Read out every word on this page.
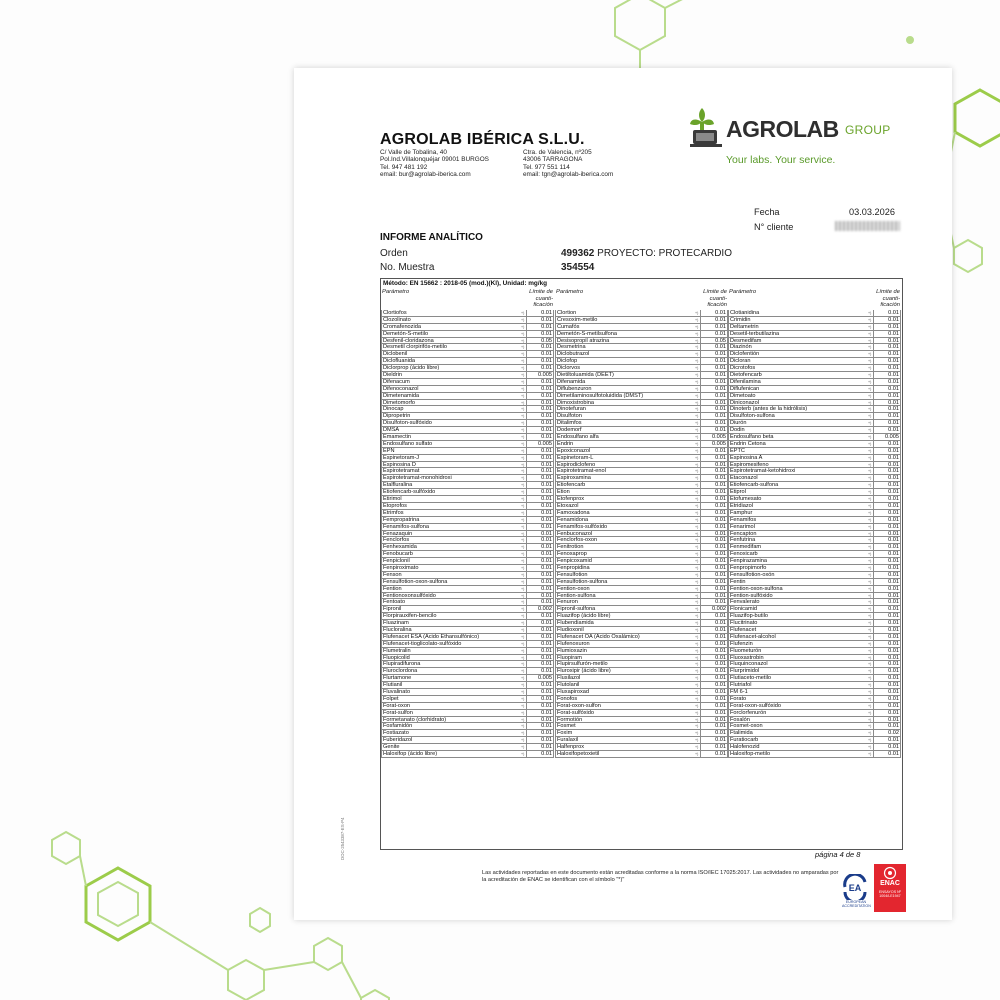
AGROLAB IBÉRICA S.L.U.
C/ Valle de Tobalina, 40
Pol.Ind.Villalonquéjar 09001 BURGOS
Tel. 947 481 192
email: bur@agrolab-iberica.com
Ctra. de Valencia, nº205
43006 TARRAGONA
Tel. 977 551 114
email: tgn@agrolab-iberica.com
AGROLAB GROUP
Your labs. Your service.
Fecha	03.03.2026
N° cliente
INFORME ANALÍTICO
Orden	499362 PROYECTO: PROTECARDIO
No. Muestra	354554
Método: EN 15662 : 2018-05 (mod.)(Kl), Unidad: mg/kg
Parámetro	Límite de
cuanti-
ficación
Clortiofos	+)	0.01
Clozolinato	+)	0.01
Cromafenozida	+)	0.01
Demetón-S-metilo	+)	0.01
Desfenil-cloridazona	+)	0.05
Desmetil clorpirifós-metilo	+)	0.01
Diclobenil	+)	0.01
Diclofluanida	+)	0.01
Diclorprop (ácido libre)	+)	0.01
Dieldrin	+) 0.005
Difenacum	+)	0.01
Difenoconazol	+)	0.01
Dimetenamida	+)	0.01
Dimetomorfo	+)	0.01
Dinocap	+)	0.01
Dipropetrin	+)	0.01
Disulfoton-sulfóxido	+)	0.01
DMSA	+)	0.01
Emamectin	+)	0.01
Endosulfano sulfato	+) 0.005
EPN	+)	0.01
Espinetoram-J	+)	0.01
Espinosina D	+)	0.01
Espirotetramat	+)	0.01
Espirotetramat-monohidroxi	+)	0.01
Etalfluralina	+)	0.01
Etiofencarb-sulfóxido	+)	0.01
Etirimol	+)	0.01
Etoprofos	+)	0.01
Etrimfos	+)	0.01
Fempropatrina	+)	0.01
Fenamifos-sulfona	+)	0.01
Fenazaquin	+)	0.01
Fenclorfos	+)	0.01
Fenhexamida	+)	0.01
Fenobucarb	+)	0.01
Fenpiclonil	+)	0.01
Fenpiroximato	+)	0.01
Fenson	+)	0.01
Fensulfotion-oxon-sulfona	+)	0.01
Fention	+)	0.01
Fentionoxonsulfóxido	+)	0.01
Fentoato	+)	0.01
Fipronil	+) 0.002
Florpirauxifen-bencilo	+)	0.01
Fluazinam	+)	0.01
Flucloralina	+)	0.01
Flufenacet ESA (Acido Ethansulfónico)	+)	0.01
Flufenacet-tioglicolato-sulfóxido	+)	0.01
Flumetralin	+)	0.01
Fluopicolid	+)	0.01
Flupiradifurona	+)	0.01
Fluroclordona	+)	0.01
Flurtamone	+) 0.005
Flutianil	+)	0.01
Fluvalinato	+)	0.01
Folpet	+)	0.01
Forat-oxon	+)	0.01
Forat-sulfon	+)	0.01
Formetanato (clorhidrato)	+)	0.01
Fosfamidón	+)	0.01
Fostiazato	+)	0.01
Fuberidazol	+)	0.01
Genite	+)	0.01
Haloxifop (ácido libre)	+)	0.01
Parámetro	Límite de
cuanti-
ficación
Clortion	+)	0.01
Cresoxim-metilo	+)	0.01
Cumafós	+)	0.01
Demetón-S-metilsulfona	+)	0.01
Desisopropil atrazina	+)	0.05
Desmetrina	+)	0.01
Diclobutrazol	+)	0.01
Diclofop	+)	0.01
Diclorvos	+)	0.01
Dietiltoluamida (DEET)	+)	0.01
Difenamida	+)	0.01
Diflubenzuron	+)	0.01
Dimetilaminosulfotoluidida (DMST)	+)	0.01
Dimoxistrobina	+)	0.01
Dinotefuran	+)	0.01
Disulfoton	+)	0.01
Ditalimfos	+)	0.01
Dodemorf	+)	0.01
Endosulfano alfa	+) 0.005
Endrin	+) 0.005
Epoxiconazol	+)	0.01
Espinetoram-L	+)	0.01
Espirodiclofeno	+)	0.01
Espirotetramat-enol	+)	0.01
Espiroxamina	+)	0.01
Etiofencarb	+)	0.01
Etion	+)	0.01
Etofenprox	+)	0.01
Etoxazol	+)	0.01
Famoxadona	+)	0.01
Fenamidona	+)	0.01
Fenamifos-sulfóxido	+)	0.01
Fenbuconazol	+)	0.01
Fenclorfos-oxon	+)	0.01
Fenitrotion	+)	0.01
Fenoxaprop	+)	0.01
Fenpicoxamid	+)	0.01
Fenpropidina	+)	0.01
Fensulfotion	+)	0.01
Fensulfotion-sulfona	+)	0.01
Fention-oxon	+)	0.01
Fention-sulfona	+)	0.01
Fenuron	+)	0.01
Fipronil-sulfona	+) 0.002
Fluazifop (ácido libre)	+)	0.01
Flubendiamida	+)	0.01
Fludioxonil	+)	0.01
Flufenacet OA (Acido Oxalámico)	+)	0.01
Flufenoxuron	+)	0.01
Flumioxazin	+)	0.01
Fluopiram	+)	0.01
Flupirsulfurón-metilo	+)	0.01
Fluroxipir (ácido libre)	+)	0.01
Flusilazol	+)	0.01
Flutolanil	+)	0.01
Fluxapiroxad	+)	0.01
Fonofos	+)	0.01
Forat-oxon-sulfon	+)	0.01
Forat-sulfóxido	+)	0.01
Formotión	+)	0.01
Fosmet	+)	0.01
Foxim	+)	0.01
Furalaxil	+)	0.01
Halfenprox	+)	0.01
Haloxifopetoxietil	+)	0.01
Parámetro	Límite de
cuanti-
ficación
Clotianidina	+)	0.01
Crimidin	+)	0.01
Deltametrin	+)	0.01
Desetil-terbutilazina	+)	0.01
Desmedifam	+)	0.01
Diazinón	+)	0.01
Diclofentión	+)	0.01
Dicloran	+)	0.01
Dicrotofos	+)	0.01
Dietofencarb	+)	0.01
Difenilamina	+)	0.01
Diflufenican	+)	0.01
Dimetoato	+)	0.01
Diniconazol	+)	0.01
Dinoterb (antes de la hidrólisis)	+)	0.01
Disulfoton-sulfona	+)	0.01
Diurón	+)	0.01
Dodin	+)	0.01
Endosulfano beta	+) 0.005
Endrin Cetona	+)	0.01
EPTC	+)	0.01
Espinosina A	+)	0.01
Espiromesifeno	+)	0.01
Espirotetramat-ketohidroxi	+)	0.01
Etaconazol	+)	0.01
Etiofencarb-sulfona	+)	0.01
Etiprol	+)	0.01
Etofumesato	+)	0.01
Etridiazol	+)	0.01
Famphur	+)	0.01
Fenamifos	+)	0.01
Fenarimol	+)	0.01
Fencapton	+)	0.01
Fenfutrina	+)	0.01
Fenmedifam	+)	0.01
Fenoxicarb	+)	0.01
Fenpirazamina	+)	0.01
Fenpropimorfo	+)	0.01
Fensulfotion-oxón	+)	0.01
Fentin	+)	0.01
Fention-oxon-sulfona	+)	0.01
Fention-sulfóxido	+)	0.01
Fenvalerato	+)	0.01
Flonicamid	+)	0.01
Fluazifop-butilo	+)	0.01
Flucitrinato	+)	0.01
Flufenacet	+)	0.01
Flufenacet-alcohol	+)	0.01
Flufenzin	+)	0.01
Fluometurón	+)	0.01
Fluoxastrobin	+)	0.01
Fluquinconazol	+)	0.01
Flurprimidol	+)	0.01
Flutiaceto-metilo	+)	0.01
Flutriafol	+)	0.01
FM 6-1	+)	0.01
Forato	+)	0.01
Forat-oxon-sulfóxido	+)	0.01
Forclorfenurón	+)	0.01
Fosalón	+)	0.01
Fosmet-oxon	+)	0.01
Ftalimida	+)	0.02
Furatiocarb	+)	0.01
Halofenozid	+)	0.01
Haloxifop-metilo	+)	0.01
página 4 de 8
Las actividades reportadas en este documento están acreditadas conforme a la norma ISO/IEC 17025:2017. Las actividades no amparadas por la acreditación de ENAC se identifican con el símbolo "*)"
DOC-2543387-ES-P4
EA
EUROPEAN ACCREDITATION
ENAC
ENSAYOS Nº 1004/LE1947
